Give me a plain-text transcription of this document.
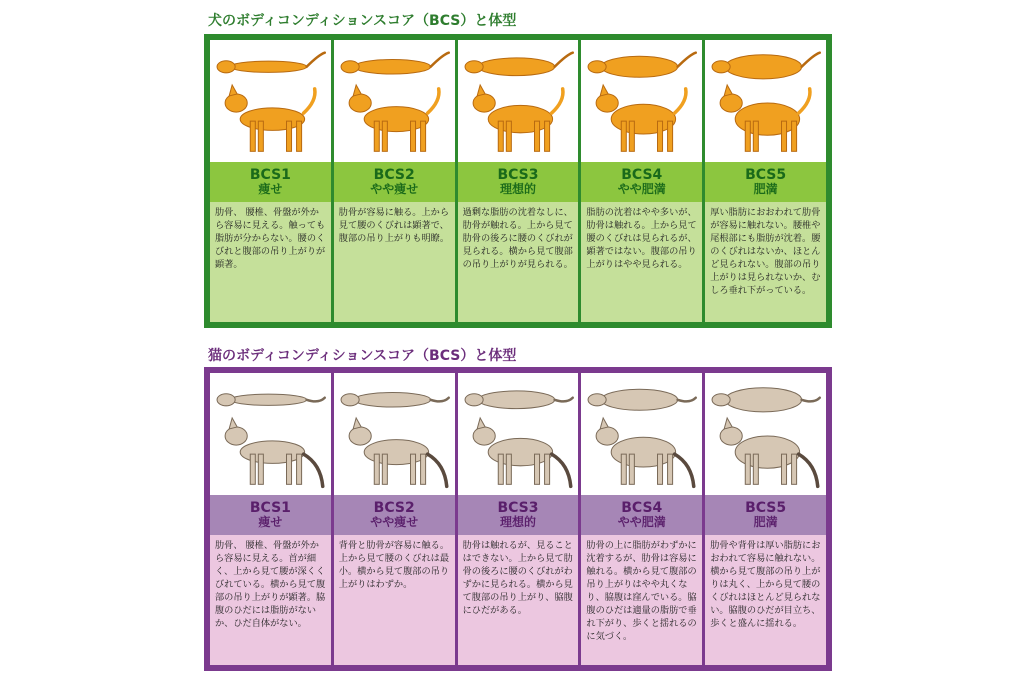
犬のボディコンディションスコア（BCS）と体型
BCS1
痩せ

肋骨、 腰椎、骨盤が外から容易に見える。触っても脂肪が分からない。腰のくびれと腹部の吊り上がりが顕著。

BCS2
やや痩せ

肋骨が容易に触る。上から見て腰のくびれは顕著で、腹部の吊り上がりも明瞭。

BCS3
理想的

過剰な脂肪の沈着なしに、肋骨が触れる。上から見て肋骨の後ろに腰のくびれが見られる。横から見て腹部の吊り上がりが見られる。

BCS4
やや肥満

脂肪の沈着はやや多いが、肋骨は触れる。上から見て腰のくびれは見られるが、顕著ではない。腹部の吊り上がりはやや見られる。

BCS5
肥満

厚い脂肪におおわれて肋骨が容易に触れない。腰椎や尾根部にも脂肪が沈着。腰のくびれはないか、ほとんど見られない。腹部の吊り上がりは見られないか、むしろ垂れ下がっている。

猫のボディコンディションスコア（BCS）と体型
BCS1
痩せ

肋骨、 腰椎、骨盤が外から容易に見える。首が細く、上から見て腰が深くくびれている。横から見て腹部の吊り上がりが顕著。脇腹のひだには脂肪がないか、ひだ自体がない。

BCS2
やや痩せ

背骨と肋骨が容易に触る。上から見て腰のくびれは最小。横から見て腹部の吊り上がりはわずか。

BCS3
理想的

肋骨は触れるが、見ることはできない。上から見て肋骨の後ろに腰のくびれがわずかに見られる。横から見て腹部の吊り上がり、脇腹にひだがある。

BCS4
やや肥満

肋骨の上に脂肪がわずかに沈着するが、肋骨は容易に触れる。横から見て腹部の吊り上がりはやや丸くなり、脇腹は窪んでいる。脇腹のひだは適量の脂肪で垂れ下がり、歩くと揺れるのに気づく。

BCS5
肥満

肋骨や背骨は厚い脂肪におおわれて容易に触れない。横から見て腹部の吊り上がりは丸く、上から見て腰のくびれはほとんど見られない。脇腹のひだが目立ち、歩くと盛んに揺れる。
